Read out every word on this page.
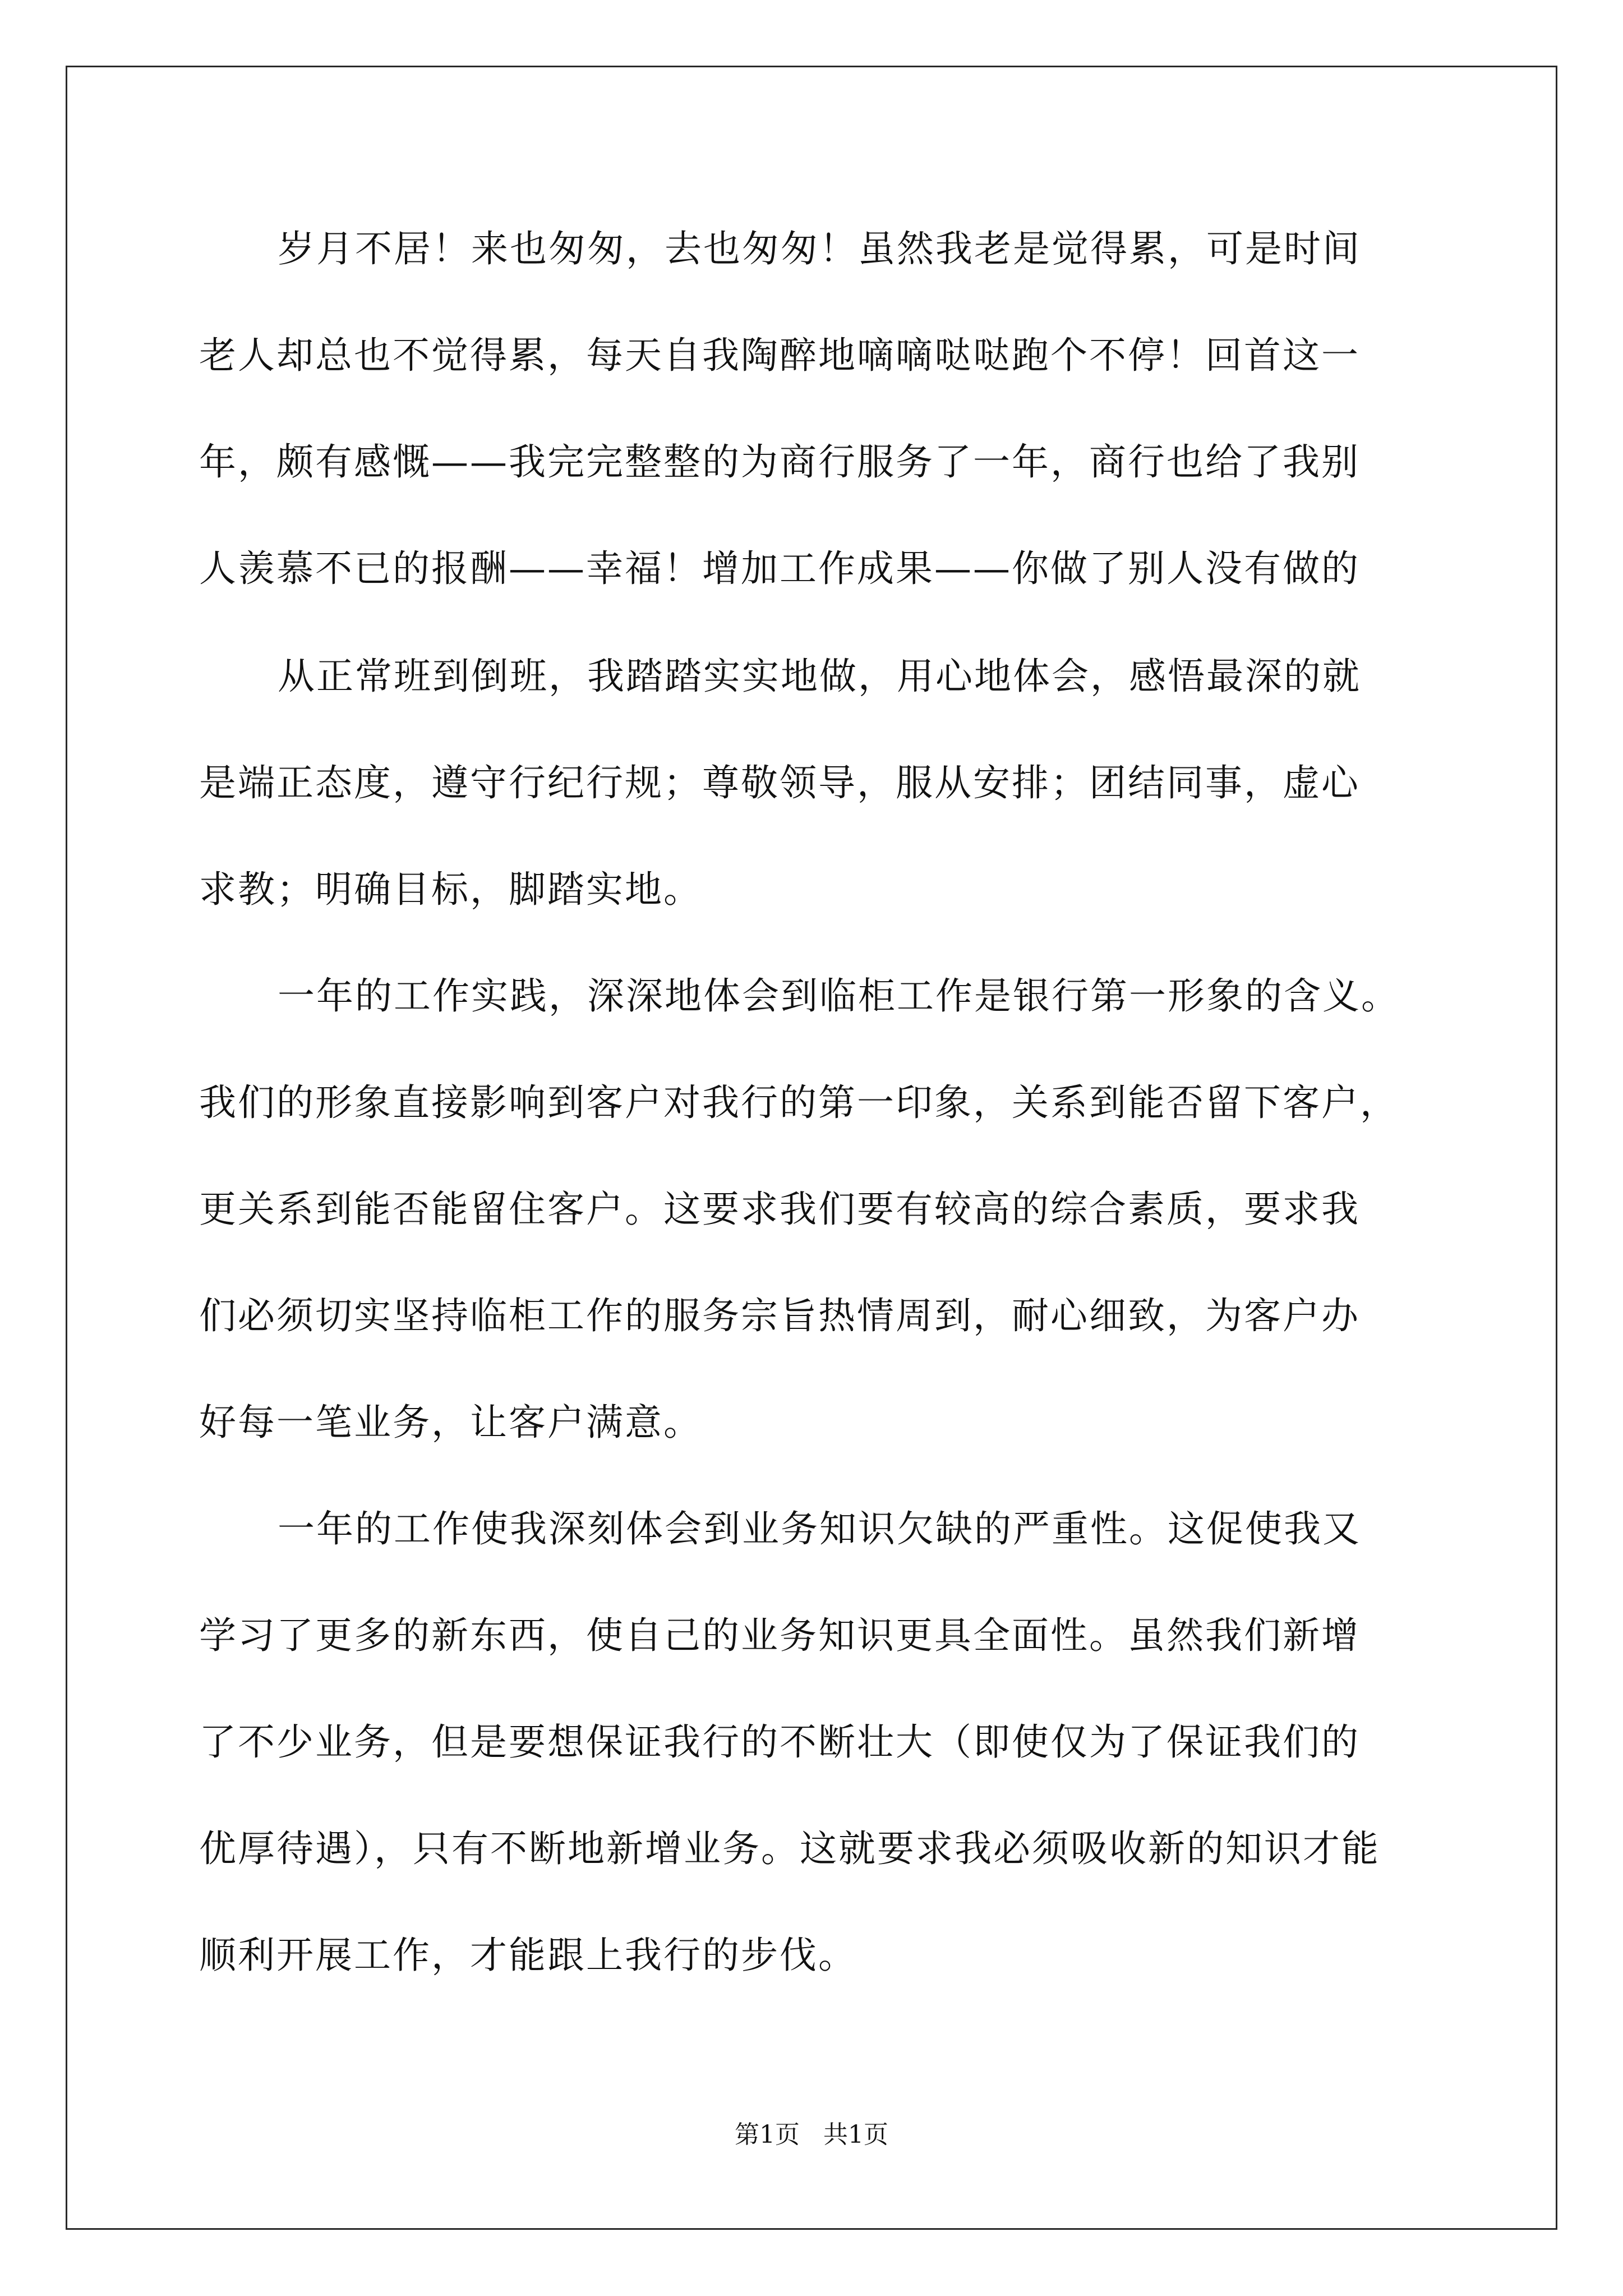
岁月不居！来也匆匆，去也匆匆！虽然我老是觉得累，可是时间
老人却总也不觉得累，每天自我陶醉地嘀嘀哒哒跑个不停！回首这一
年，颇有感慨——我完完整整的为商行服务了一年，商行也给了我别
人羡慕不已的报酬——幸福！增加工作成果——你做了别人没有做的
从正常班到倒班，我踏踏实实地做，用心地体会，感悟最深的就
是端正态度，遵守行纪行规；尊敬领导，服从安排；团结同事，虚心
求教；明确目标，脚踏实地。
一年的工作实践，深深地体会到临柜工作是银行第一形象的含义。
我们的形象直接影响到客户对我行的第一印象，关系到能否留下客户，
更关系到能否能留住客户。这要求我们要有较高的综合素质，要求我
们必须切实坚持临柜工作的服务宗旨热情周到，耐心细致，为客户办
好每一笔业务，让客户满意。
一年的工作使我深刻体会到业务知识欠缺的严重性。这促使我又
学习了更多的新东西，使自己的业务知识更具全面性。虽然我们新增
了不少业务，但是要想保证我行的不断壮大（即使仅为了保证我们的
优厚待遇），只有不断地新增业务。这就要求我必须吸收新的知识才能
顺利开展工作，才能跟上我行的步伐。
第1页   共1页
